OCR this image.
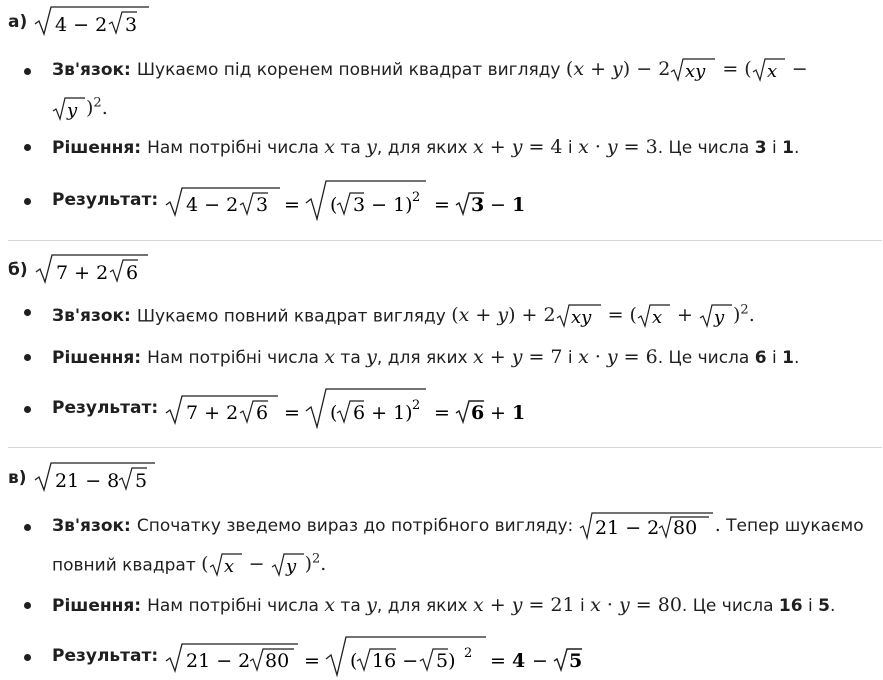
а) 4 − 2 3
Зв'язок: Шукаємо під коренем повний квадрат вигляду (x + y) − 2 xy = ( x −

y )$^2$.
Рішення: Нам потрібні числа x та y, для яких x + y = 4 і x · y = 3. Це числа 3 і 1.
Результат: 4 − 2 3 = ( 3 − 1) 2 = 3 − 1
б) 7 + 2 6
Зв'язок: Шукаємо повний квадрат вигляду (x + y) + 2 xy = ( x + y )$^2$.
Рішення: Нам потрібні числа x та y, для яких x + y = 7 і x · y = 6. Це числа 6 і 1.
Результат: 7 + 2 6 = ( 6 + 1) 2 = 6 + 1
в) 21 − 8 5
Зв'язок: Спочатку зведемо вираз до потрібного вигляду: 21 − 2 80 . Тепер шукаємо
повний квадрат ( x − y )$^2$.
Рішення: Нам потрібні числа x та y, для яких x + y = 21 і x · y = 80. Це числа 16 і 5.
Результат: 21 − 2 80 = ( 16 − 5) 2 = 4 − 5
